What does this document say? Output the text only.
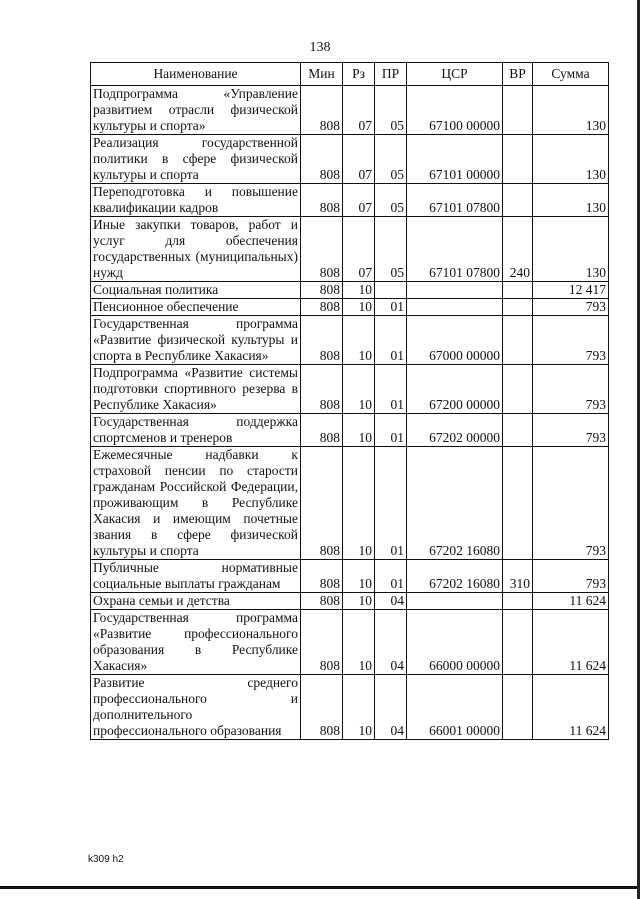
138
Наименование	Мин	Рз	ПР	ЦСР	ВР	Сумма
Подпрограмма «Управление развитием отрасли физической культуры и спорта»	808	07	05	67100 00000		130
Реализация государственной политики в сфере физической культуры и спорта	808	07	05	67101 00000		130
Переподготовка и повышение квалификации кадров	808	07	05	67101 07800		130
Иные закупки товаров, работ и услуг для обеспечения государственных (муниципальных) нужд	808	07	05	67101 07800	240	130
Социальная политика	808	10				12 417
Пенсионное обеспечение	808	10	01			793
Государственная программа «Развитие физической культуры и спорта в Республике Хакасия»	808	10	01	67000 00000		793
Подпрограмма «Развитие системы подготовки спортивного резерва в Республике Хакасия»	808	10	01	67200 00000		793
Государственная поддержка спортсменов и тренеров	808	10	01	67202 00000		793
Ежемесячные надбавки к страховой пенсии по старости гражданам Российской Федерации, проживающим в Республике Хакасия и имеющим почетные звания в сфере физической культуры и спорта	808	10	01	67202 16080		793
Публичные нормативные социальные выплаты гражданам	808	10	01	67202 16080	310	793
Охрана семьи и детства	808	10	04			11 624
Государственная программа «Развитие профессионального образования в Республике Хакасия»	808	10	04	66000 00000		11 624
Развитие среднего профессионального и дополнительного профессионального образования	808	10	04	66001 00000		11 624
k309 h2
